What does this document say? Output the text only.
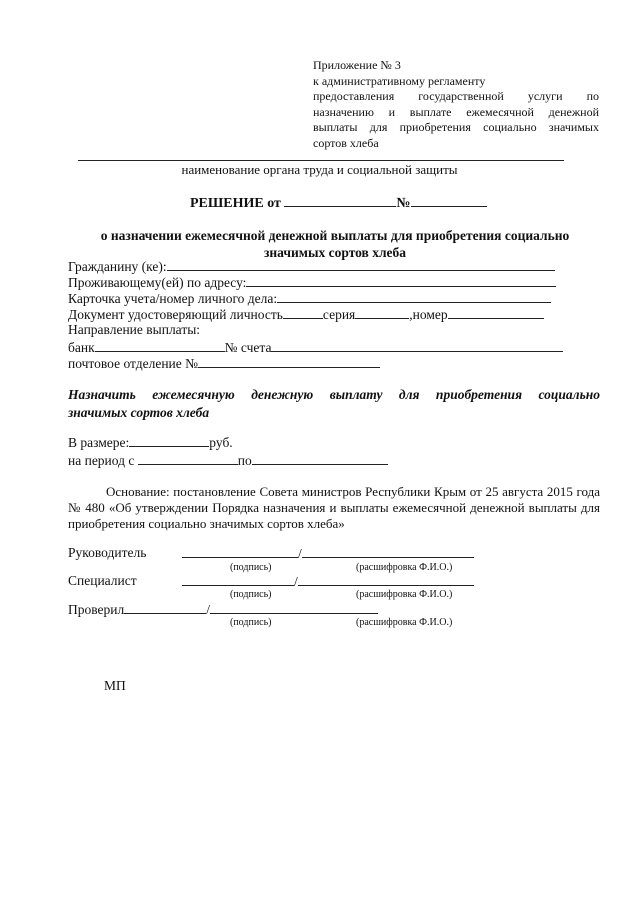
Приложение № 3
к административному регламенту
предоставления государственной услуги по
назначению и выплате ежемесячной денежной
выплаты для приобретения социально значимых
сортов хлеба
наименование органа труда и социальной защиты
РЕШЕНИЕ от	№
о назначении ежемесячной денежной выплаты для приобретения социально
значимых сортов хлеба
Гражданину (ке):
Проживающему(ей) по адресу:
Карточка учета/номер личного дела:
Документ удостоверяющий личность	серия	,номер
Направление выплаты:
банк	№ счета
почтовое отделение №
Назначить ежемесячную денежную выплату для приобретения социально
значимых сортов хлеба
В размере:	руб.
на период с	по
Основание: постановление Совета министров Республики Крым от 25 августа 2015 года
№ 480 «Об утверждении Порядка назначения и выплаты ежемесячной денежной выплаты для
приобретения социально значимых сортов хлеба»
Руководитель	/
(подпись)	(расшифровка Ф.И.О.)
Специалист	/
(подпись)	(расшифровка Ф.И.О.)
Проверил	/
(подпись)	(расшифровка Ф.И.О.)
МП
